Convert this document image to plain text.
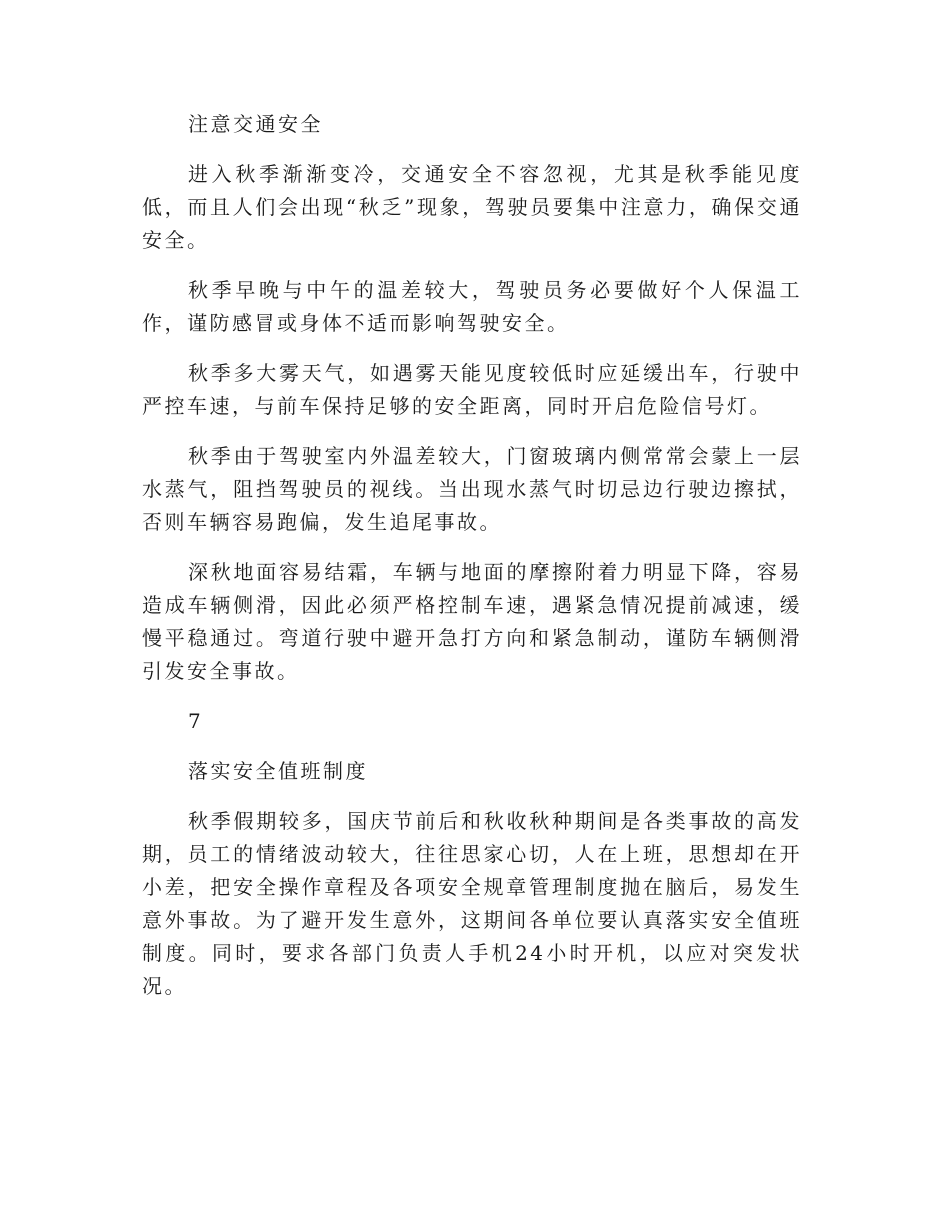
注意交通安全

进入秋季渐渐变冷，交通安全不容忽视，尤其是秋季能见度低，而且人们会出现“秋乏”现象，驾驶员要集中注意力，确保交通安全。

秋季早晚与中午的温差较大，驾驶员务必要做好个人保温工作，谨防感冒或身体不适而影响驾驶安全。

秋季多大雾天气，如遇雾天能见度较低时应延缓出车，行驶中严控车速，与前车保持足够的安全距离，同时开启危险信号灯。

秋季由于驾驶室内外温差较大，门窗玻璃内侧常常会蒙上一层水蒸气，阻挡驾驶员的视线。当出现水蒸气时切忌边行驶边擦拭，否则车辆容易跑偏，发生追尾事故。

深秋地面容易结霜，车辆与地面的摩擦附着力明显下降，容易造成车辆侧滑，因此必须严格控制车速，遇紧急情况提前减速，缓慢平稳通过。弯道行驶中避开急打方向和紧急制动，谨防车辆侧滑引发安全事故。

7

落实安全值班制度

秋季假期较多，国庆节前后和秋收秋种期间是各类事故的高发期，员工的情绪波动较大，往往思家心切，人在上班，思想却在开小差，把安全操作章程及各项安全规章管理制度抛在脑后，易发生意外事故。为了避开发生意外，这期间各单位要认真落实安全值班制度。同时，要求各部门负责人手机24小时开机，以应对突发状况。
